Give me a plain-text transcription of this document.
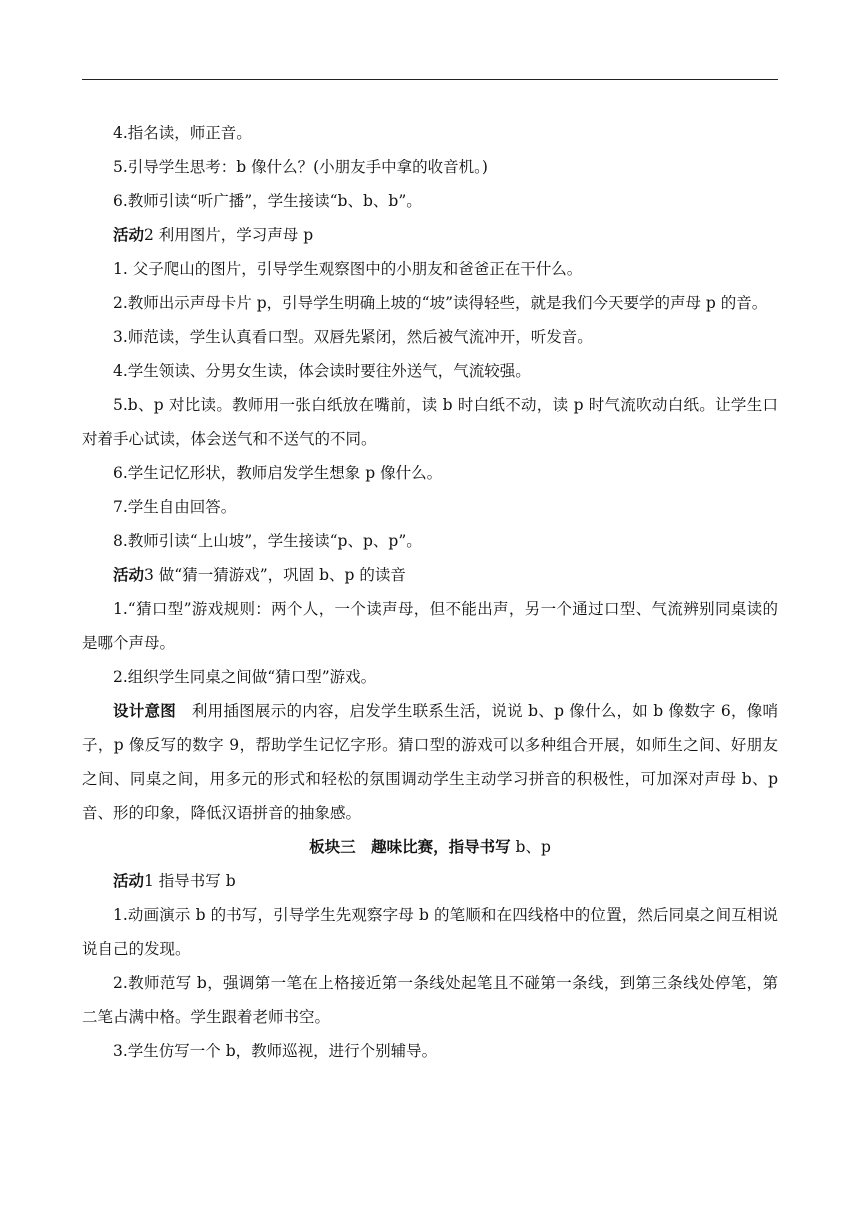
4.指名读，师正音。

5.引导学生思考：b 像什么？(小朋友手中拿的收音机。)

6.教师引读“听广播”，学生接读“b、b、b”。

活动2 利用图片，学习声母 p

1. 父子爬山的图片，引导学生观察图中的小朋友和爸爸正在干什么。

2.教师出示声母卡片 p，引导学生明确上坡的“坡”读得轻些，就是我们今天要学的声母 p 的音。

3.师范读，学生认真看口型。双唇先紧闭，然后被气流冲开，听发音。

4.学生领读、分男女生读，体会读时要往外送气，气流较强。

5.b、p 对比读。教师用一张白纸放在嘴前，读 b 时白纸不动，读 p 时气流吹动白纸。让学生口对着手心试读，体会送气和不送气的不同。

6.学生记忆形状，教师启发学生想象 p 像什么。

7.学生自由回答。

8.教师引读“上山坡”，学生接读“p、p、p”。

活动3 做“猜一猜游戏”，巩固 b、p 的读音

1.“猜口型”游戏规则：两个人，一个读声母，但不能出声，另一个通过口型、气流辨别同桌读的是哪个声母。

2.组织学生同桌之间做“猜口型”游戏。

设计意图　 利用插图展示的内容，启发学生联系生活，说说 b、p 像什么，如 b 像数字 6，像哨子，p 像反写的数字 9，帮助学生记忆字形。猜口型的游戏可以多种组合开展，如师生之间、好朋友之间、同桌之间，用多元的形式和轻松的氛围调动学生主动学习拼音的积极性，可加深对声母 b、p 音、形的印象，降低汉语拼音的抽象感。

板块三　趣味比赛，指导书写 b、p

活动1 指导书写 b

1.动画演示 b 的书写，引导学生先观察字母 b 的笔顺和在四线格中的位置，然后同桌之间互相说说自己的发现。

2.教师范写 b，强调第一笔在上格接近第一条线处起笔且不碰第一条线，到第三条线处停笔，第二笔占满中格。学生跟着老师书空。

3.学生仿写一个 b，教师巡视，进行个别辅导。
